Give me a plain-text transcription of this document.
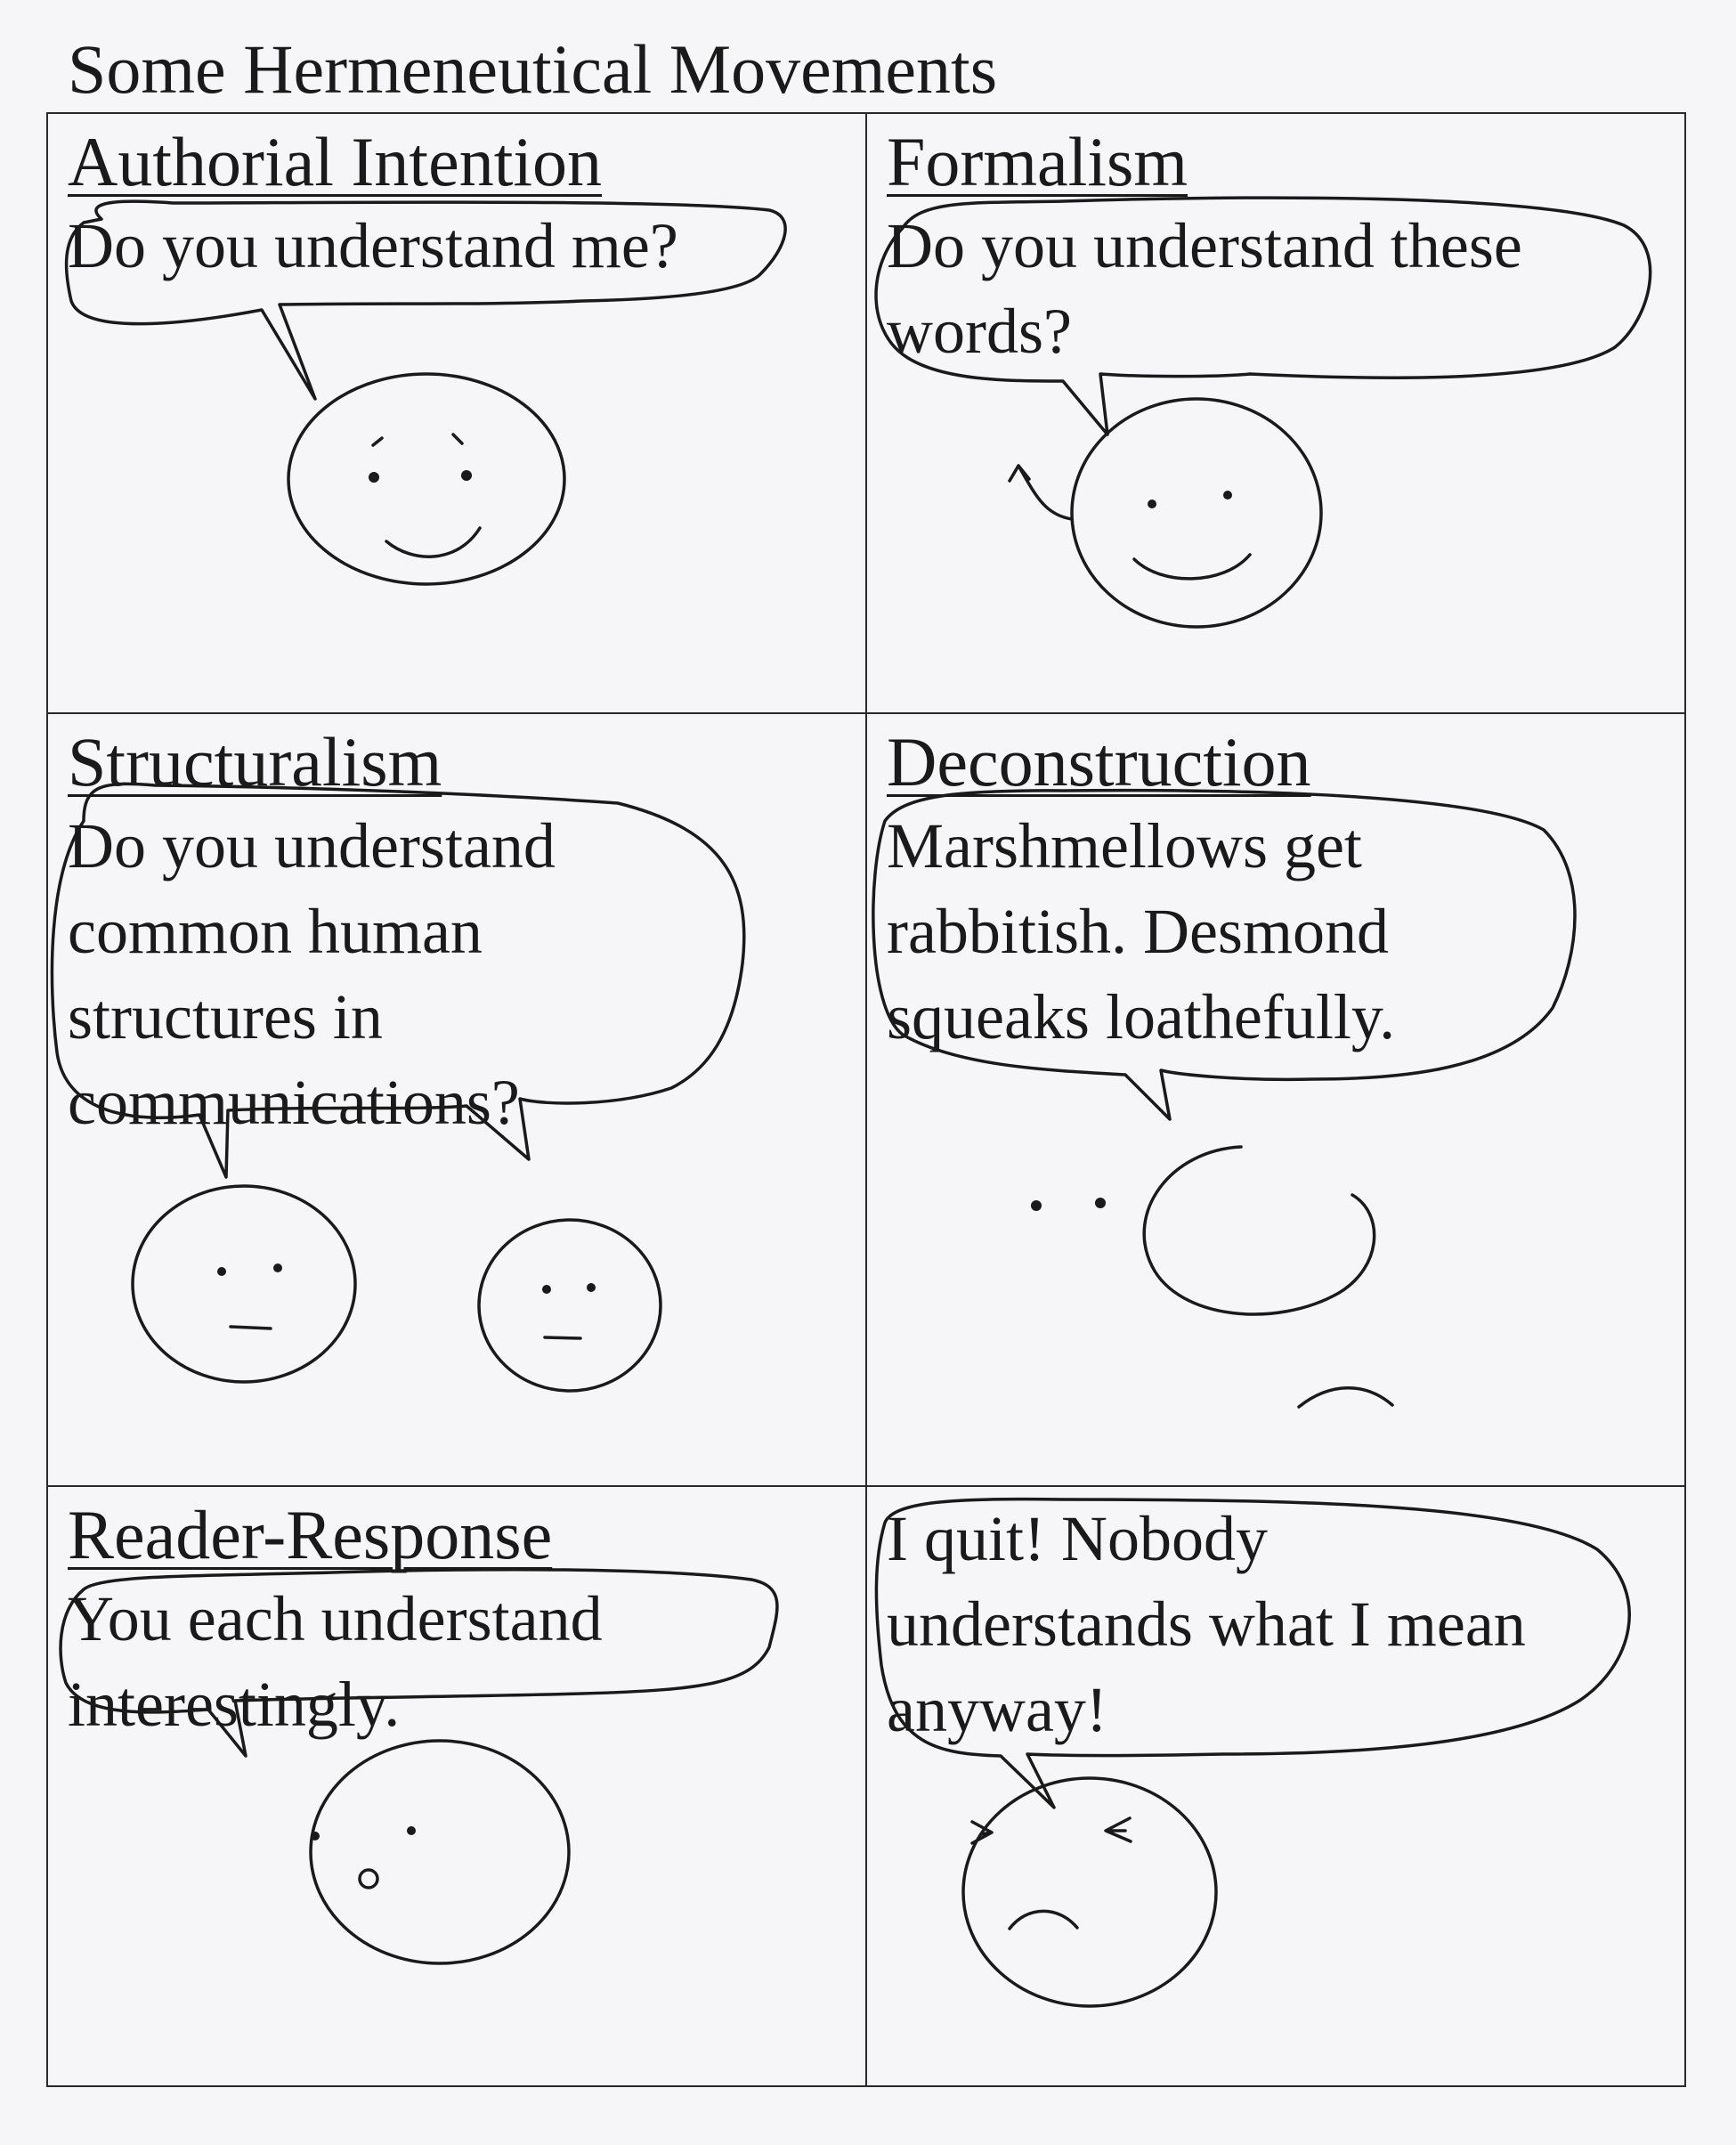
Some Hermeneutical Movements
Authorial Intention
Do you understand me?
Formalism
Do you understand these
words?
Structuralism
Do you understand
common human
structures in
communications?
Deconstruction
Marshmellows get
rabbitish. Desmond
squeaks loathefully.
Reader-Response
You each understand
interestingly.
I quit! Nobody
understands what I mean
anyway!
